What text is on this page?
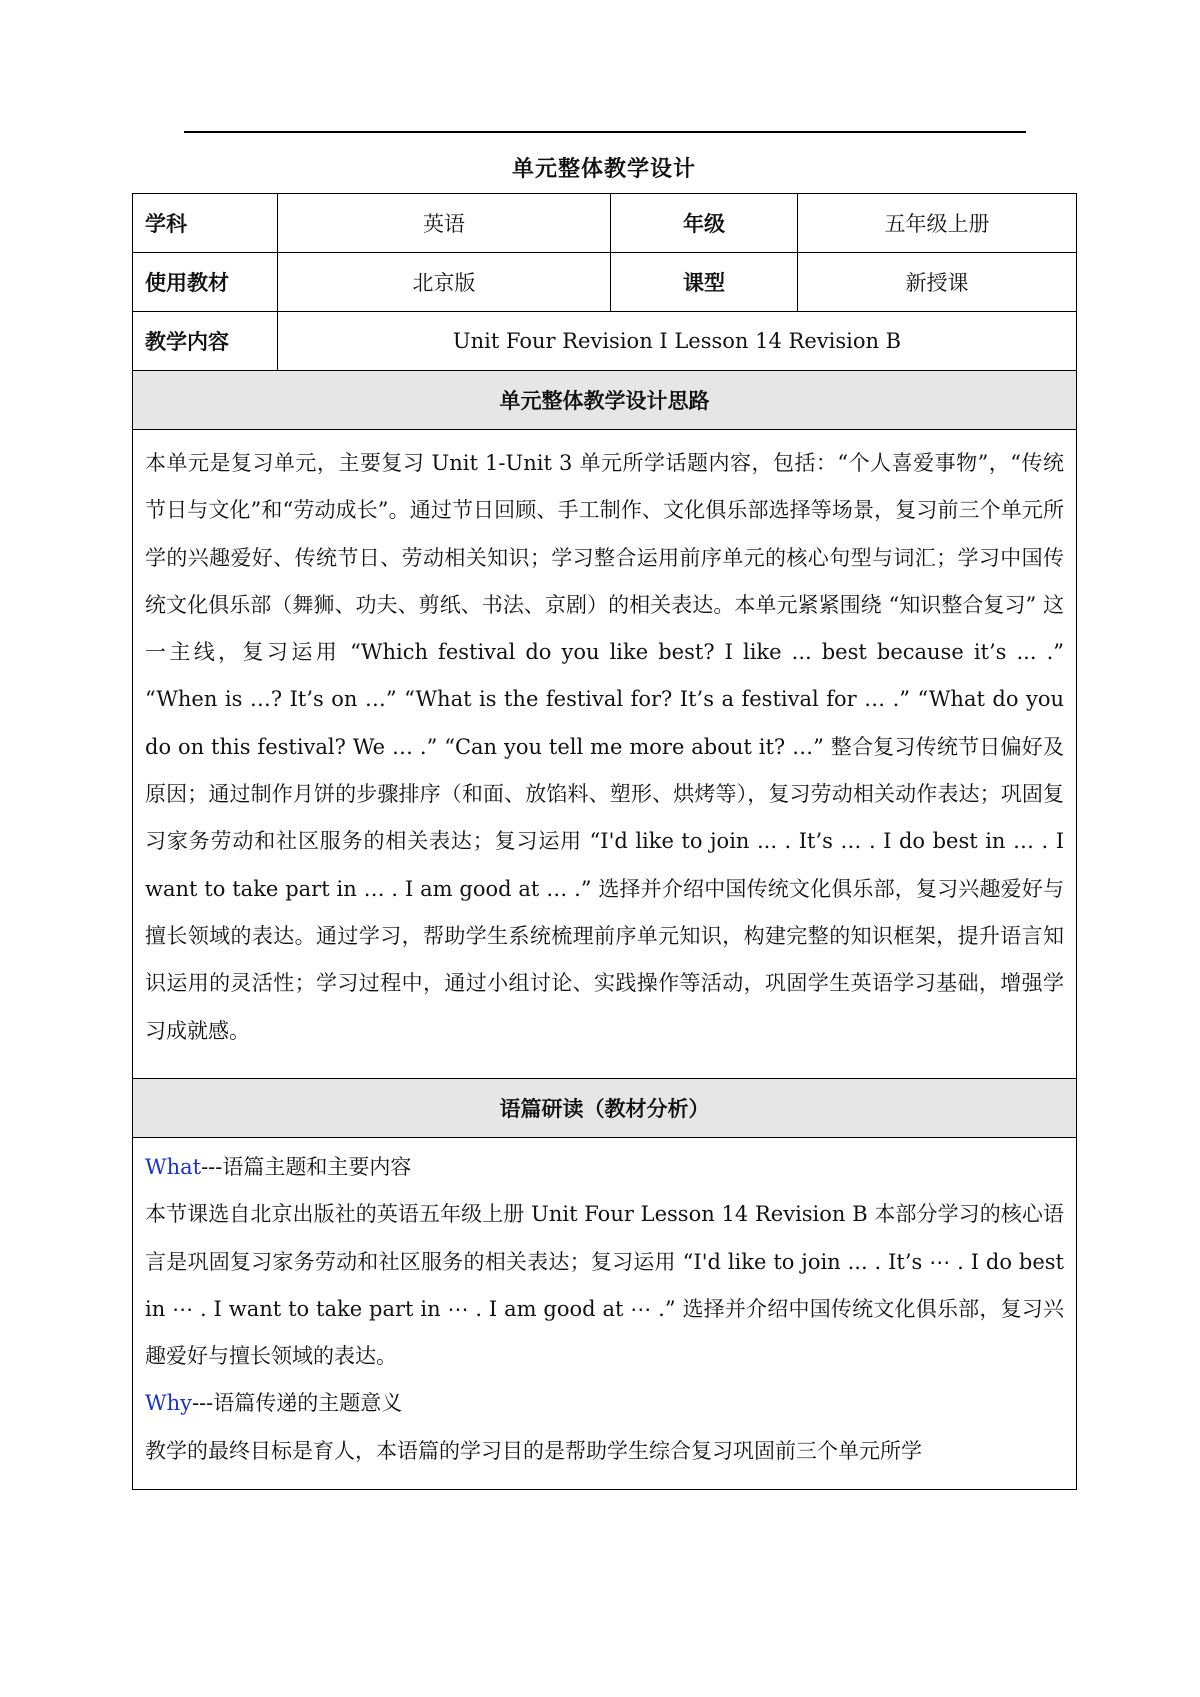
单元整体教学设计
学科	英语	年级	五年级上册
使用教材	北京版	课型	新授课
教学内容	Unit Four Revision I Lesson 14 Revision B		
单元整体教学设计思路			
本单元是复习单元，主要复习 Unit 1-Unit 3 单元所学话题内容，包括：“个人喜爱事物”，“传统节日与文化”和“劳动成长”。通过节日回顾、手工制作、文化俱乐部选择等场景，复习前三个单元所学的兴趣爱好、传统节日、劳动相关知识；学习整合运用前序单元的核心句型与词汇；学习中国传统文化俱乐部（舞狮、功夫、剪纸、书法、京剧）的相关表达。本单元紧紧围绕 “知识整合复习” 这一主线，复习运用 “Which festival do you like best? I like ... best because it’s ... .” “When is …? It’s on …” “What is the festival for? It’s a festival for … .” “What do you do on this festival? We … .” “Can you tell me more about it? …” 整合复习传统节日偏好及原因；通过制作月饼的步骤排序（和面、放馅料、塑形、烘烤等），复习劳动相关动作表达；巩固复习家务劳动和社区服务的相关表达；复习运用 “I'd like to join ... . It’s … . I do best in … . I want to take part in … . I am good at … .” 选择并介绍中国传统文化俱乐部，复习兴趣爱好与擅长领域的表达。通过学习，帮助学生系统梳理前序单元知识，构建完整的知识框架，提升语言知识运用的灵活性；学习过程中，通过小组讨论、实践操作等活动，巩固学生英语学习基础，增强学习成就感。			
语篇研读（教材分析）			

What---语篇主题和主要内容
本节课选自北京出版社的英语五年级上册 Unit Four Lesson 14 Revision B 本部分学习的核心语言是巩固复习家务劳动和社区服务的相关表达；复习运用 “I'd like to join ... . It’s ⋯ . I do best in ⋯ . I want to take part in ⋯ . I am good at ⋯ .” 选择并介绍中国传统文化俱乐部，复习兴趣爱好与擅长领域的表达。
Why---语篇传递的主题意义
教学的最终目标是育人，本语篇的学习目的是帮助学生综合复习巩固前三个单元所学			
